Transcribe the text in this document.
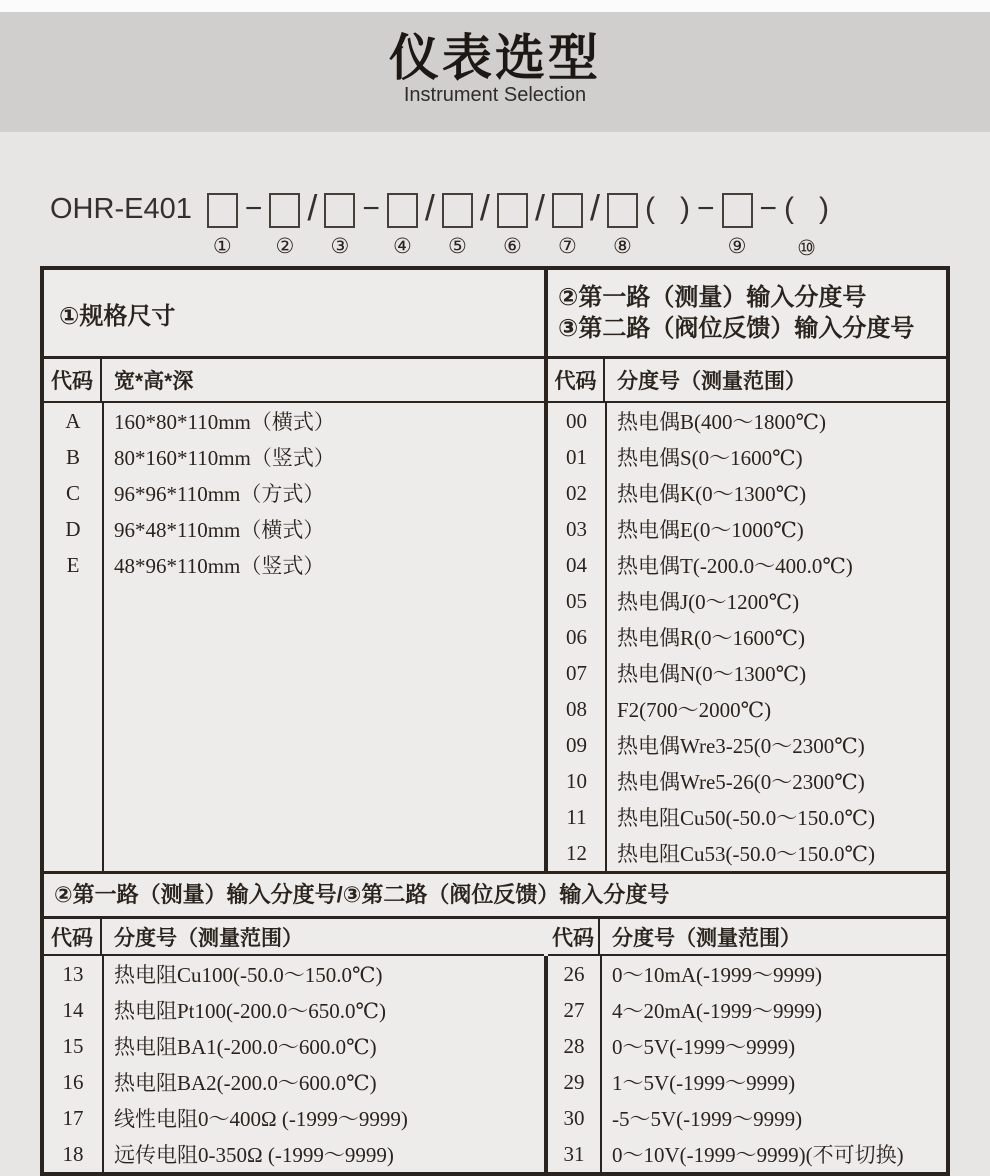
仪表选型
Instrument Selection
OHR-E401

①
−

②
/

③
−

④
/

⑤
/

⑥
/

⑦
/

⑧
(   )
−

⑨
−
(   )
⑩
①规格尺寸
②第一路（测量）输入分度号
③第二路（阀位反馈）输入分度号
代码	宽*高*深
A	160*80*110mm（横式）
B	80*160*110mm（竖式）
C	96*96*110mm（方式）
D	96*48*110mm（横式）
E	48*96*110mm（竖式）
代码 分度号（测量范围）
00	热电偶B(400～1800℃)
01	热电偶S(0～1600℃)
02	热电偶K(0～1300℃)
03	热电偶E(0～1000℃)
04	热电偶T(-200.0～400.0℃)
05	热电偶J(0～1200℃)
06	热电偶R(0～1600℃)
07	热电偶N(0～1300℃)
08	F2(700～2000℃)
09	热电偶Wre3-25(0～2300℃)
10	热电偶Wre5-26(0～2300℃)
11	热电阻Cu50(-50.0～150.0℃)
12	热电阻Cu53(-50.0～150.0℃)
②第一路（测量）输入分度号/③第二路（阀位反馈）输入分度号
代码	分度号（测量范围）
13	热电阻Cu100(-50.0～150.0℃)
14	热电阻Pt100(-200.0～650.0℃)
15	热电阻BA1(-200.0～600.0℃)
16	热电阻BA2(-200.0～600.0℃)
17	线性电阻0～400Ω (-1999～9999)
18	远传电阻0-350Ω (-1999～9999)
代码 分度号（测量范围）
26	0～10mA(-1999～9999)
27	4～20mA(-1999～9999)
28	0～5V(-1999～9999)
29	1～5V(-1999～9999)
30	-5～5V(-1999～9999)
31	0～10V(-1999～9999)(不可切换)
